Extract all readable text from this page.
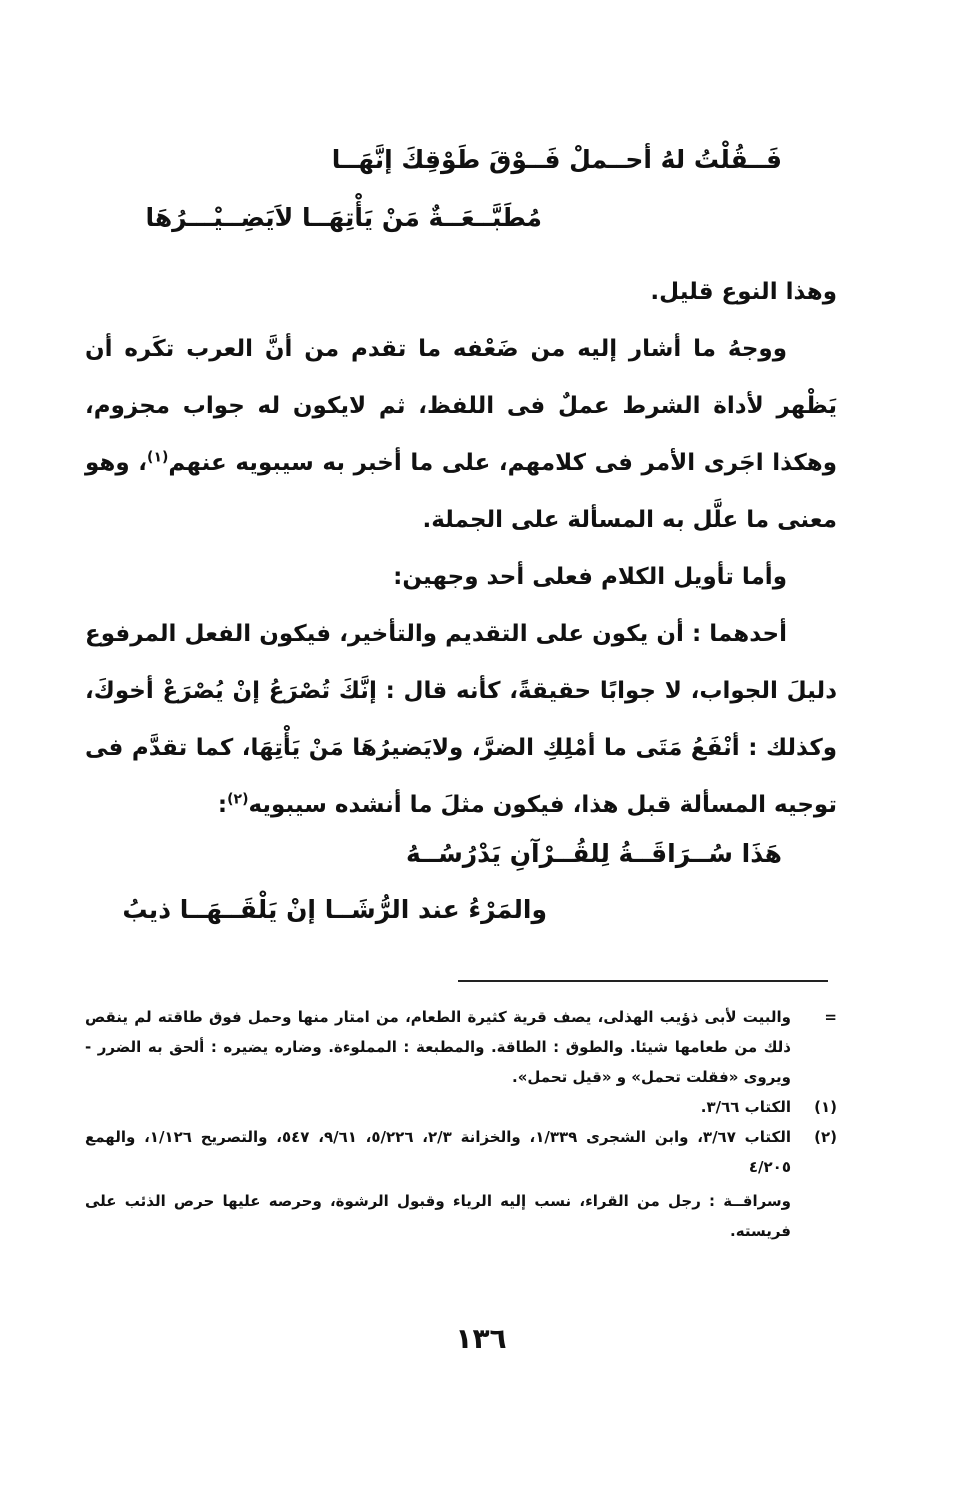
فَــقُلْتُ لهُ أحــملْ فَــوْقَ طَوْقِكَ إنَّهَــا
مُطَبَّــعَــةٌ مَنْ يَأْتِهَــا لاَيَضِــيْـــرُهَا
وهذا النوع قليل.
ووجهُ ما أشار إليه من ضَعْفه ما تقدم من أنَّ العرب تكَره أن يَظْهر لأداة الشرط عملٌ فى اللفظ، ثم لايكون له جواب مجزوم، وهكذا اجَرى الأمر فى كلامهم، على ما أخبر به سيبويه عنهم$^{(١)}$، وهو معنى ما علَّل به المسألة على الجملة.
وأما تأويل الكلام فعلى أحد وجهين:
أحدهما : أن يكون على التقديم والتأخير، فيكون الفعل المرفوع دليلَ الجواب، لا جوابًا حقيقةً، كأنه قال : إنَّكَ تُصْرَعُ إنْ يُصْرَعْ أخوكَ، وكذلك : أنْفَعُ مَتَى ما أمْلِكِ الضرَّ، ولايَضيرُهَا مَنْ يَأْتِهَا، كما تقدَّم فى توجيه المسألة قبل هذا، فيكون مثلَ ما أنشده سيبويه$^{(٢)}$:
هَذَا سُــرَاقَــةُ لِلقُــرْآنِ يَدْرُسُــهُ
والمَرْءُ عند الرُّشَــا إنْ يَلْقَــهَــا ذيبُ
=
والبيت لأبى ذؤيب الهذلى، يصف قرية كثيرة الطعام، من امتار منها وحمل فوق طاقته لم ينقص ذلك من طعامها شيئا. والطوق : الطاقة. والمطبعة : المملوءة. وضاره يضيره : ألحق به الضرر - ويروى «فقلت تحمل» و «قيل تحمل».
(١)
الكتاب ٣/٦٦.
(٢)
الكتاب ٣/٦٧، وابن الشجرى ١/٣٣٩، والخزانة ٢/٣، ٥/٢٢٦، ٩/٦١، ٥٤٧، والتصريح ١/١٢٦، والهمع ٤/٢٠٥
وسراقــة : رجل من القراء، نسب إليه الرياء وقبول الرشوة، وحرصه عليها حرص الذئب على فريسته.
١٣٦
